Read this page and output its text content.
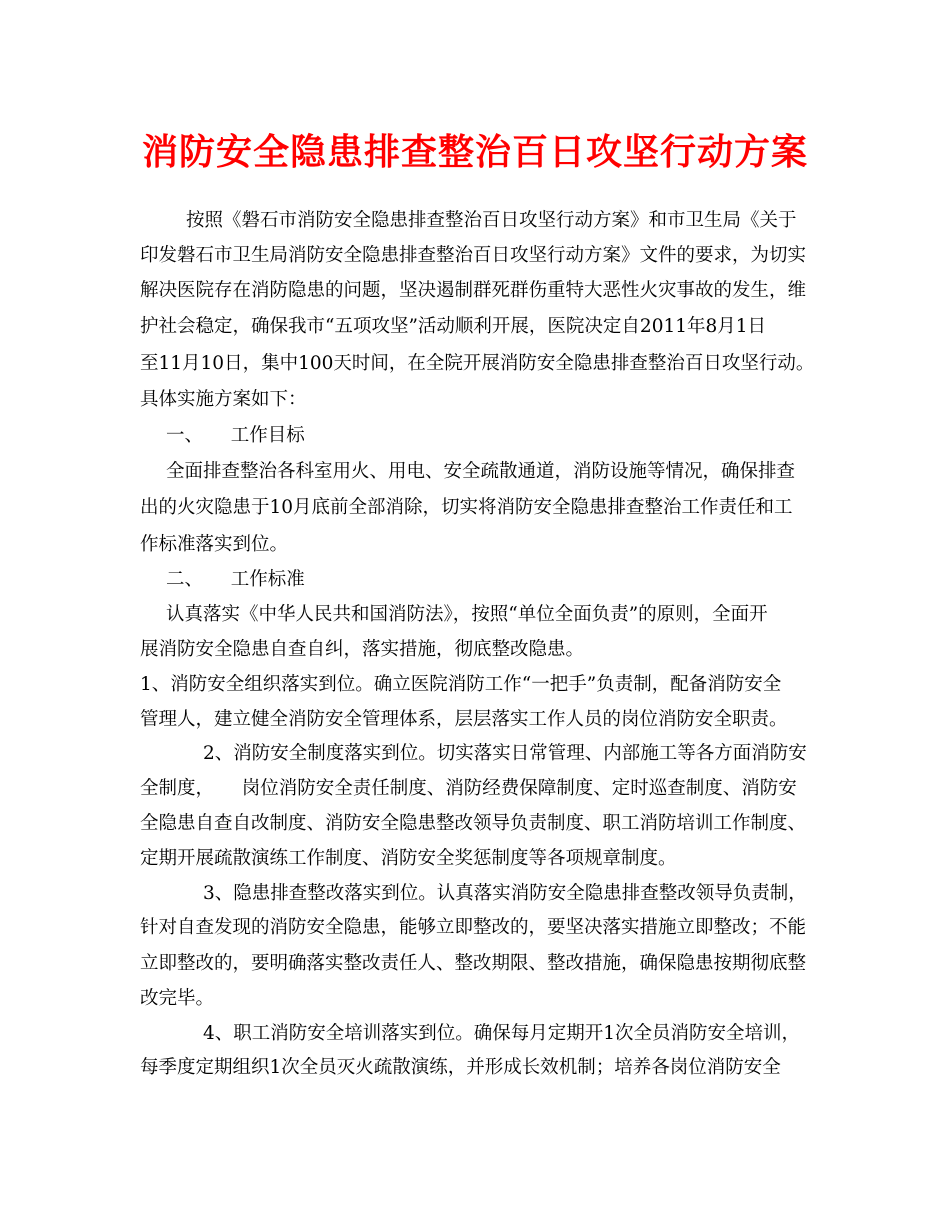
消防安全隐患排查整治百日攻坚行动方案
按照《磐石市消防安全隐患排查整治百日攻坚行动方案》和市卫生局《关于
印发磐石市卫生局消防安全隐患排查整治百日攻坚行动方案》文件的要求，为切实
解决医院存在消防隐患的问题，坚决遏制群死群伤重特大恶性火灾事故的发生，维
护社会稳定，确保我市“五项攻坚”活动顺利开展，医院决定自2011年8月1日
至11月10日，集中100天时间，在全院开展消防安全隐患排查整治百日攻坚行动。
具体实施方案如下：
一、　　工作目标
全面排查整治各科室用火、用电、安全疏散通道，消防设施等情况，确保排查
出的火灾隐患于10月底前全部消除，切实将消防安全隐患排查整治工作责任和工
作标准落实到位。
二、　　工作标准
认真落实《中华人民共和国消防法》，按照“单位全面负责”的原则，全面开
展消防安全隐患自查自纠，落实措施，彻底整改隐患。
1、消防安全组织落实到位。确立医院消防工作“一把手”负责制，配备消防安全
管理人，建立健全消防安全管理体系，层层落实工作人员的岗位消防安全职责。
2、消防安全制度落实到位。切实落实日常管理、内部施工等各方面消防安
全制度，　　岗位消防安全责任制度、消防经费保障制度、定时巡查制度、消防安
全隐患自查自改制度、消防安全隐患整改领导负责制度、职工消防培训工作制度、
定期开展疏散演练工作制度、消防安全奖惩制度等各项规章制度。
3、隐患排查整改落实到位。认真落实消防安全隐患排查整改领导负责制，
针对自查发现的消防安全隐患，能够立即整改的，要坚决落实措施立即整改；不能
立即整改的，要明确落实整改责任人、整改期限、整改措施，确保隐患按期彻底整
改完毕。
4、职工消防安全培训落实到位。确保每月定期开1次全员消防安全培训，
每季度定期组织1次全员灭火疏散演练，并形成长效机制；培养各岗位消防安全
